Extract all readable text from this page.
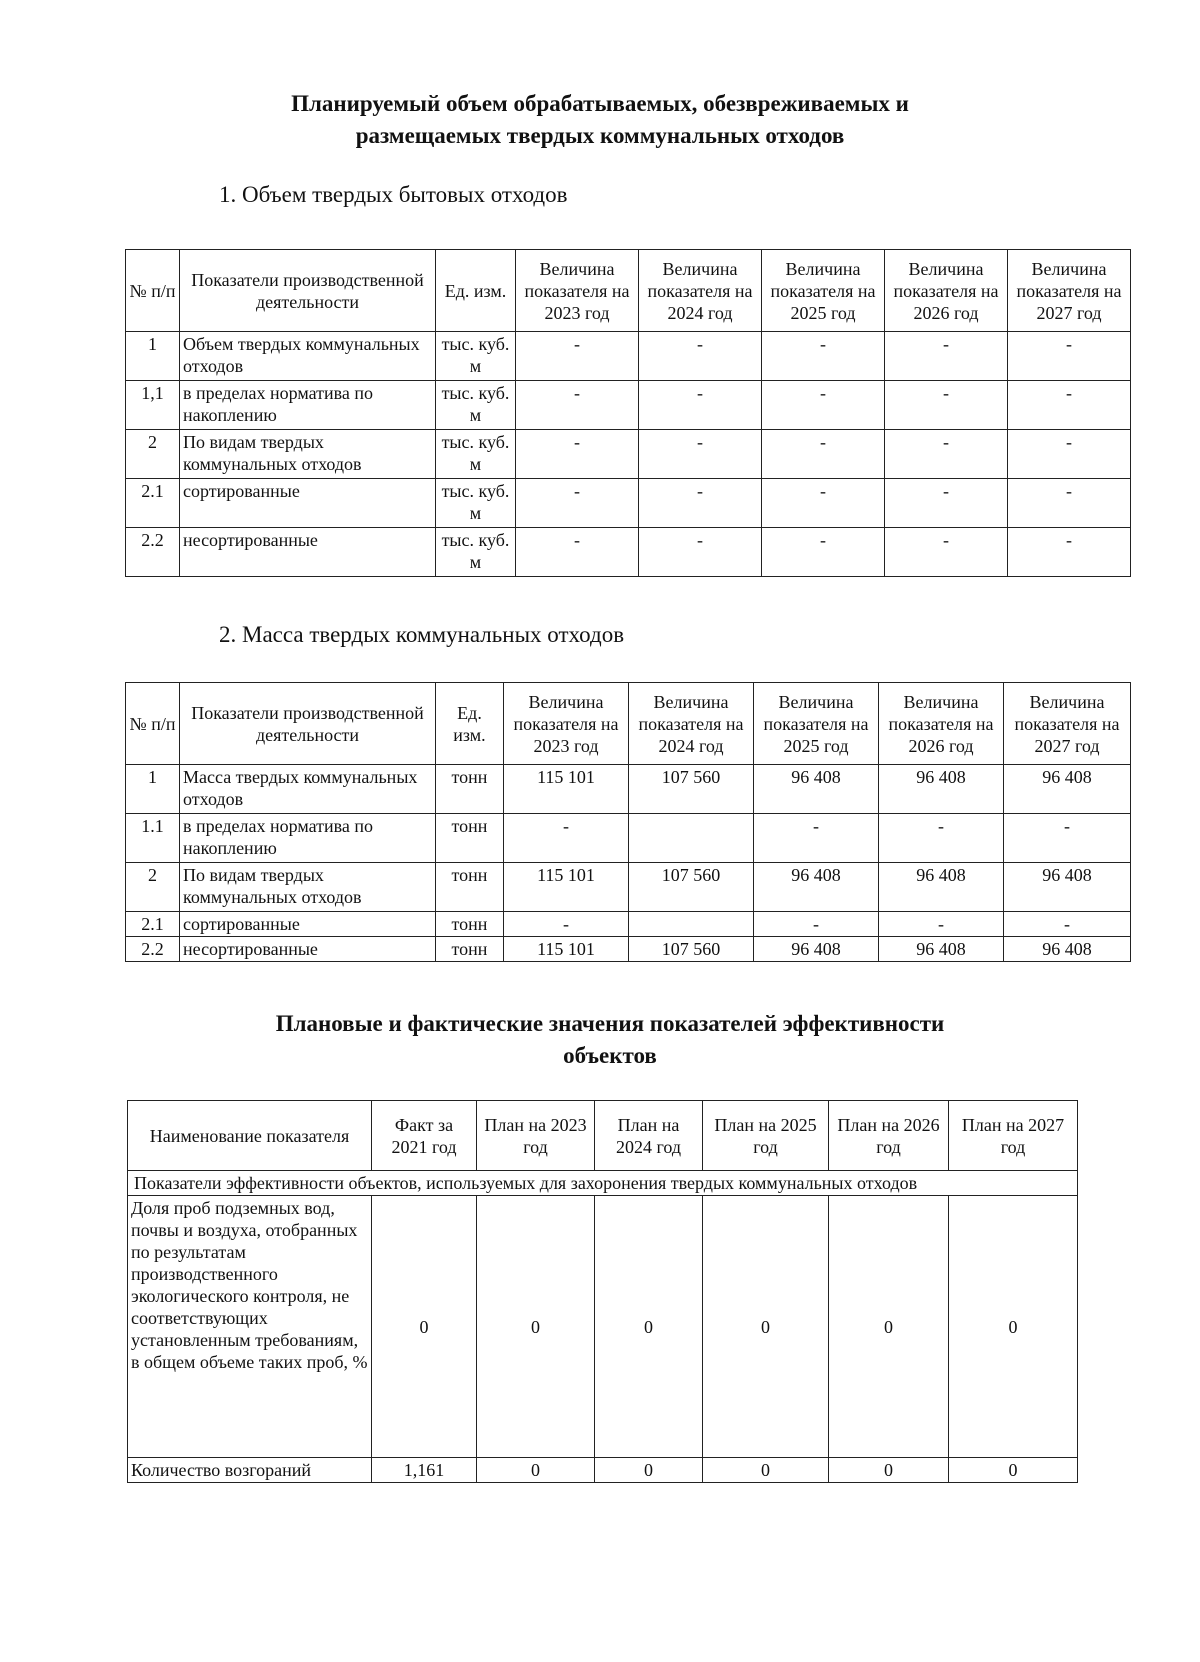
Планируемый объем обрабатываемых, обезвреживаемых и
размещаемых твердых коммунальных отходов
1. Объем твердых бытовых отходов
№ п/п	Показатели производственной деятельности	Ед. изм.	Величина показателя на 2023 год	Величина показателя на 2024 год	Величина показателя на 2025 год	Величина показателя на 2026 год	Величина показателя на 2027 год
1	Объем твердых коммунальных отходов	тыс. куб. м	-	-	-	-	-
1,1	в пределах норматива по накоплению	тыс. куб. м	-	-	-	-	-
2	По видам твердых коммунальных отходов	тыс. куб. м	-	-	-	-	-
2.1	сортированные	тыс. куб. м	-	-	-	-	-
2.2	несортированные	тыс. куб. м	-	-	-	-	-
2. Масса твердых коммунальных отходов
№ п/п	Показатели производственной деятельности	Ед. изм.	Величина показателя на 2023 год	Величина показателя на 2024 год	Величина показателя на 2025 год	Величина показателя на 2026 год	Величина показателя на 2027 год
1	Масса твердых коммунальных отходов	тонн	115 101	107 560	96 408	96 408	96 408
1.1	в пределах норматива по накоплению	тонн	-		-	-	-
2	По видам твердых коммунальных отходов	тонн	115 101	107 560	96 408	96 408	96 408
2.1	сортированные	тонн	-		-	-	-
2.2	несортированные	тонн	115 101	107 560	96 408	96 408	96 408
Плановые и фактические значения показателей эффективности
объектов
Наименование показателя	Факт за 2021 год	План на 2023 год	План на 2024 год	План на 2025 год	План на 2026 год	План на 2027 год
Показатели эффективности объектов, используемых для захоронения твердых коммунальных отходов						
Доля проб подземных вод, почвы и воздуха, отобранных по результатам производственного экологического контроля, не соответствующих установленным требованиям, в общем объеме таких проб, %	0	0	0	0	0	0
Количество возгораний	1,161	0	0	0	0	0
